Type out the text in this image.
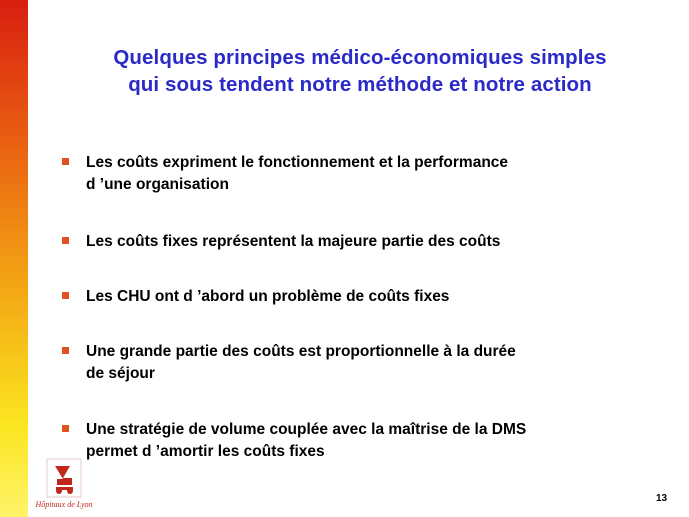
Quelques principes médico-économiques simples
qui sous tendent notre méthode et notre action
Les coûts expriment le fonctionnement et la performance
d ’une organisation
Les coûts fixes représentent la majeure partie des coûts
Les CHU ont d ’abord un problème de coûts fixes
Une grande partie des coûts est proportionnelle à la durée
de séjour
Une stratégie de volume couplée avec la maîtrise de la DMS
permet d ’amortir les coûts fixes
Hôpitaux de Lyon
13
